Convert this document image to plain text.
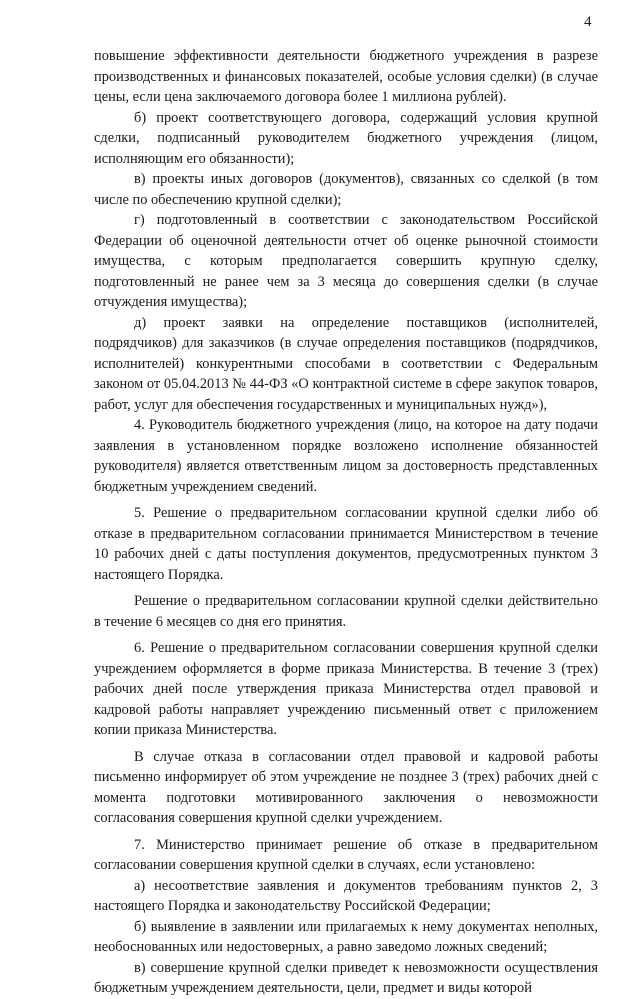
4

повышение эффективности деятельности бюджетного учреждения в разрезе производственных и финансовых показателей, особые условия сделки) (в случае цены, если цена заключаемого договора более 1 миллиона рублей).

б) проект соответствующего договора, содержащий условия крупной сделки, подписанный руководителем бюджетного учреждения (лицом, исполняющим его обязанности);

в) проекты иных договоров (документов), связанных со сделкой (в том числе по обеспечению крупной сделки);

г) подготовленный в соответствии с законодательством Российской Федерации об оценочной деятельности отчет об оценке рыночной стоимости имущества, с которым предполагается совершить крупную сделку, подготовленный не ранее чем за 3 месяца до совершения сделки (в случае отчуждения имущества);

д) проект заявки на определение поставщиков (исполнителей, подрядчиков) для заказчиков (в случае определения поставщиков (подрядчиков, исполнителей) конкурентными способами в соответствии с Федеральным законом от 05.04.2013 № 44-ФЗ «О контрактной системе в сфере закупок товаров, работ, услуг для обеспечения государственных и муниципальных нужд»),

4. Руководитель бюджетного учреждения (лицо, на которое на дату подачи заявления в установленном порядке возложено исполнение обязанностей руководителя) является ответственным лицом за достоверность представленных бюджетным учреждением сведений.

5. Решение о предварительном согласовании крупной сделки либо об отказе в предварительном согласовании принимается Министерством в течение 10 рабочих дней с даты поступления документов, предусмотренных пунктом 3 настоящего Порядка.

Решение о предварительном согласовании крупной сделки действительно в течение 6 месяцев со дня его принятия.

6. Решение о предварительном согласовании совершения крупной сделки учреждением оформляется в форме приказа Министерства. В течение 3 (трех) рабочих дней после утверждения приказа Министерства отдел правовой и кадровой работы направляет учреждению письменный ответ с приложением копии приказа Министерства.

В случае отказа в согласовании отдел правовой и кадровой работы письменно информирует об этом учреждение не позднее 3 (трех) рабочих дней с момента подготовки мотивированного заключения о невозможности согласования совершения крупной сделки учреждением.

7. Министерство принимает решение об отказе в предварительном согласовании совершения крупной сделки в случаях, если установлено:

а) несоответствие заявления и документов требованиям пунктов 2, 3 настоящего Порядка и законодательству Российской Федерации;

б) выявление в заявлении или прилагаемых к нему документах неполных, необоснованных или недостоверных, а равно заведомо ложных сведений;

в) совершение крупной сделки приведет к невозможности осуществления бюджетным учреждением деятельности, цели, предмет и виды которой
